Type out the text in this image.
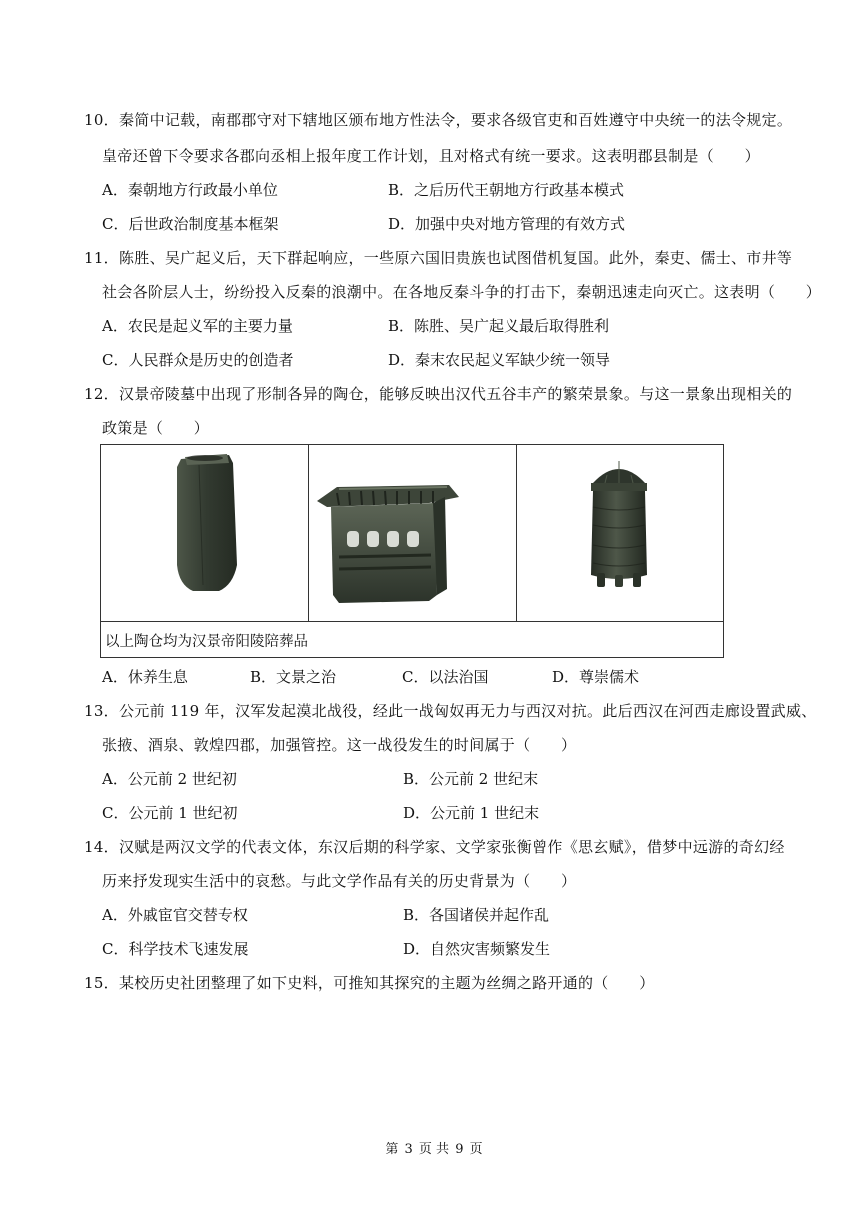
10．秦简中记载，南郡郡守对下辖地区颁布地方性法令，要求各级官吏和百姓遵守中央统一的法令规定。
皇帝还曾下令要求各郡向丞相上报年度工作计划，且对格式有统一要求。这表明郡县制是（　　）
A．秦朝地方行政最小单位	B．之后历代王朝地方行政基本模式
C．后世政治制度基本框架	D．加强中央对地方管理的有效方式
11．陈胜、吴广起义后，天下群起响应，一些原六国旧贵族也试图借机复国。此外，秦吏、儒士、市井等
社会各阶层人士，纷纷投入反秦的浪潮中。在各地反秦斗争的打击下，秦朝迅速走向灭亡。这表明（　　）
A．农民是起义军的主要力量	B．陈胜、吴广起义最后取得胜利
C．人民群众是历史的创造者	D．秦末农民起义军缺少统一领导
12．汉景帝陵墓中出现了形制各异的陶仓，能够反映出汉代五谷丰产的繁荣景象。与这一景象出现相关的
政策是（　　）
以上陶仓均为汉景帝阳陵陪葬品
A．休养生息	B．文景之治	C．以法治国	D．尊崇儒术
13．公元前 119 年，汉军发起漠北战役，经此一战匈奴再无力与西汉对抗。此后西汉在河西走廊设置武威、
张掖、酒泉、敦煌四郡，加强管控。这一战役发生的时间属于（　　）
A．公元前 2 世纪初	B．公元前 2 世纪末
C．公元前 1 世纪初	D．公元前 1 世纪末
14．汉赋是两汉文学的代表文体，东汉后期的科学家、文学家张衡曾作《思玄赋》，借梦中远游的奇幻经
历来抒发现实生活中的哀愁。与此文学作品有关的历史背景为（　　）
A．外戚宦官交替专权	B．各国诸侯并起作乱
C．科学技术飞速发展	D．自然灾害频繁发生
15．某校历史社团整理了如下史料，可推知其探究的主题为丝绸之路开通的（　　）
第 3 页 共 9 页
